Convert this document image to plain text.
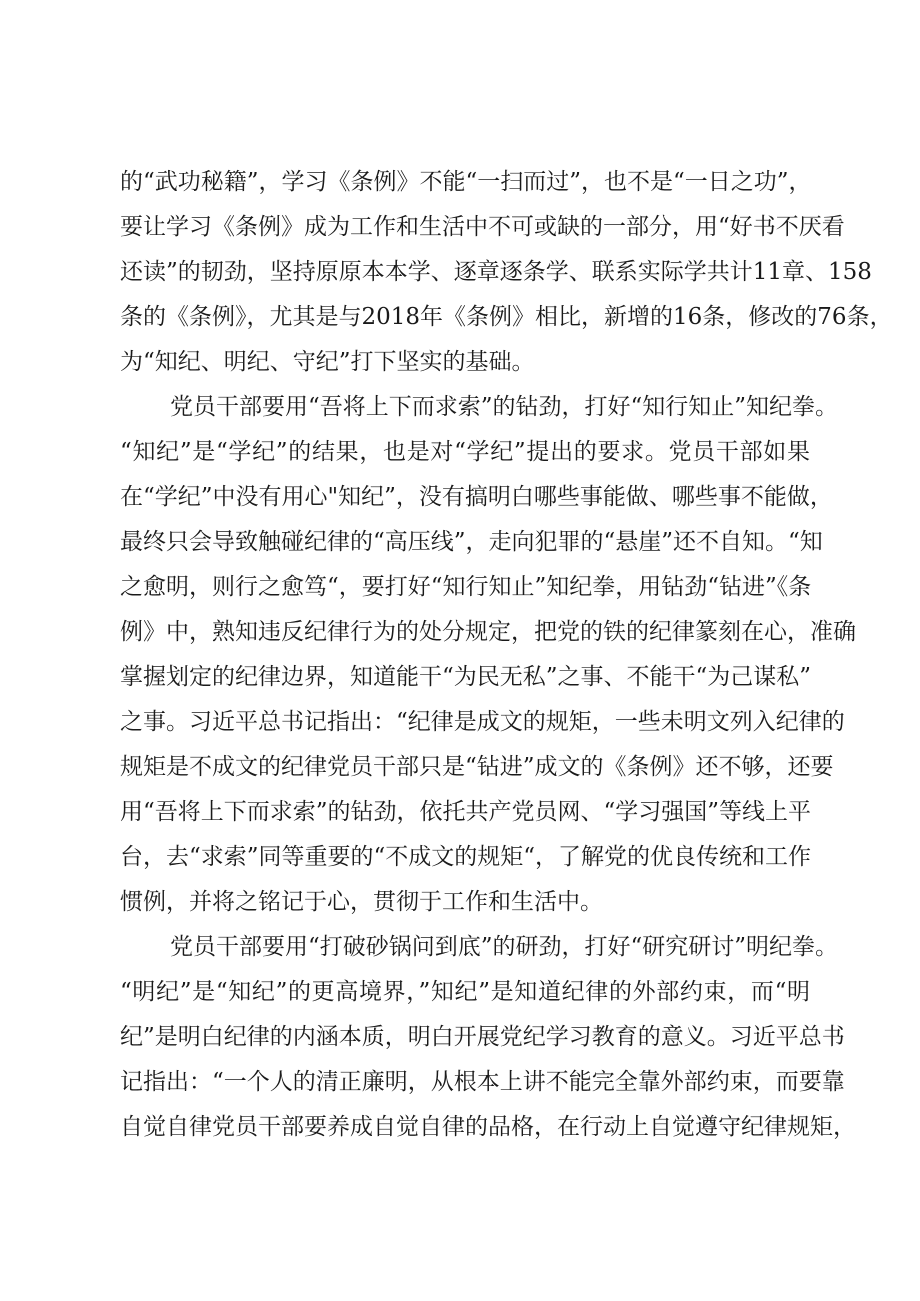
的“武功秘籍”，学习《条例》不能“一扫而过”，也不是“一日之功”，
要让学习《条例》成为工作和生活中不可或缺的一部分，用“好书不厌看
还读”的韧劲，坚持原原本本学、逐章逐条学、联系实际学共计11章、158
条的《条例》，尤其是与2018年《条例》相比，新增的16条，修改的76条，
为“知纪、明纪、守纪”打下坚实的基础。
党员干部要用“吾将上下而求索”的钻劲，打好“知行知止”知纪拳。
“知纪”是“学纪”的结果，也是对“学纪”提出的要求。党员干部如果
在“学纪”中没有用心"知纪”，没有搞明白哪些事能做、哪些事不能做，
最终只会导致触碰纪律的“高压线”，走向犯罪的“悬崖”还不自知。“知
之愈明，则行之愈笃“，要打好“知行知止”知纪拳，用钻劲“钻进”《条
例》中，熟知违反纪律行为的处分规定，把党的铁的纪律篆刻在心，准确
掌握划定的纪律边界，知道能干“为民无私”之事、不能干“为己谋私”
之事。习近平总书记指出：“纪律是成文的规矩，一些未明文列入纪律的
规矩是不成文的纪律党员干部只是“钻进”成文的《条例》还不够，还要
用“吾将上下而求索”的钻劲，依托共产党员网、“学习强国”等线上平
台，去“求索”同等重要的“不成文的规矩“，了解党的优良传统和工作
惯例，并将之铭记于心，贯彻于工作和生活中。
党员干部要用“打破砂锅问到底”的研劲，打好“研究研讨”明纪拳。
“明纪”是“知纪”的更高境界，”知纪”是知道纪律的外部约束，而“明
纪”是明白纪律的内涵本质，明白开展党纪学习教育的意义。习近平总书
记指出：“一个人的清正廉明，从根本上讲不能完全靠外部约束，而要靠
自觉自律党员干部要养成自觉自律的品格，在行动上自觉遵守纪律规矩，
